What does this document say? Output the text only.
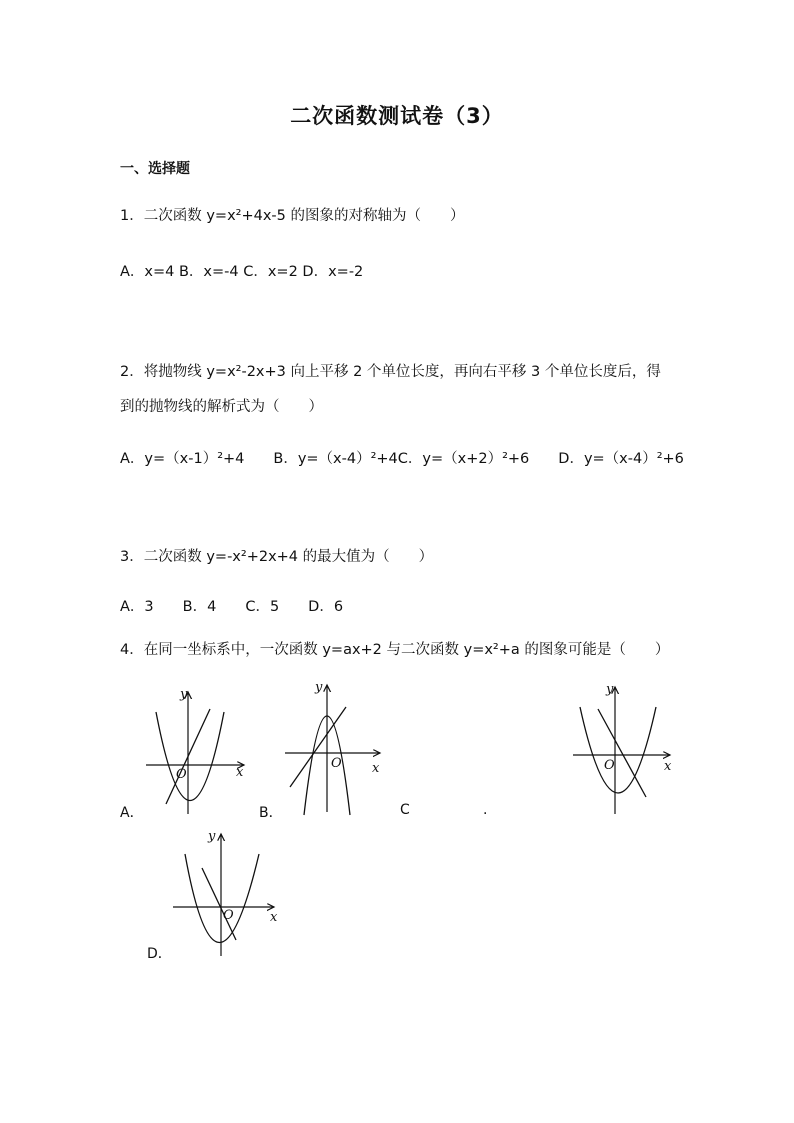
二次函数测试卷（3）
一、选择题
1．二次函数 y=x²+4x-5 的图象的对称轴为（　　）
A．x=4 B．x=-4 C．x=2 D．x=-2
2．将抛物线 y=x²-2x+3 向上平移 2 个单位长度，再向右平移 3 个单位长度后，得
到的抛物线的解析式为（　　）
A．y=（x-1）²+4　　B．y=（x-4）²+4C．y=（x+2）²+6　　D．y=（x-4）²+6
3．二次函数 y=-x²+2x+4 的最大值为（　　）
A．3　　B．4　　C．5　　D．6
4．在同一坐标系中，一次函数 y=ax+2 与二次函数 y=x²+a 的图象可能是（　　）
y
x
O
A．
y
x
O
B．	C	.
y
x
O
y
x
O
D．
